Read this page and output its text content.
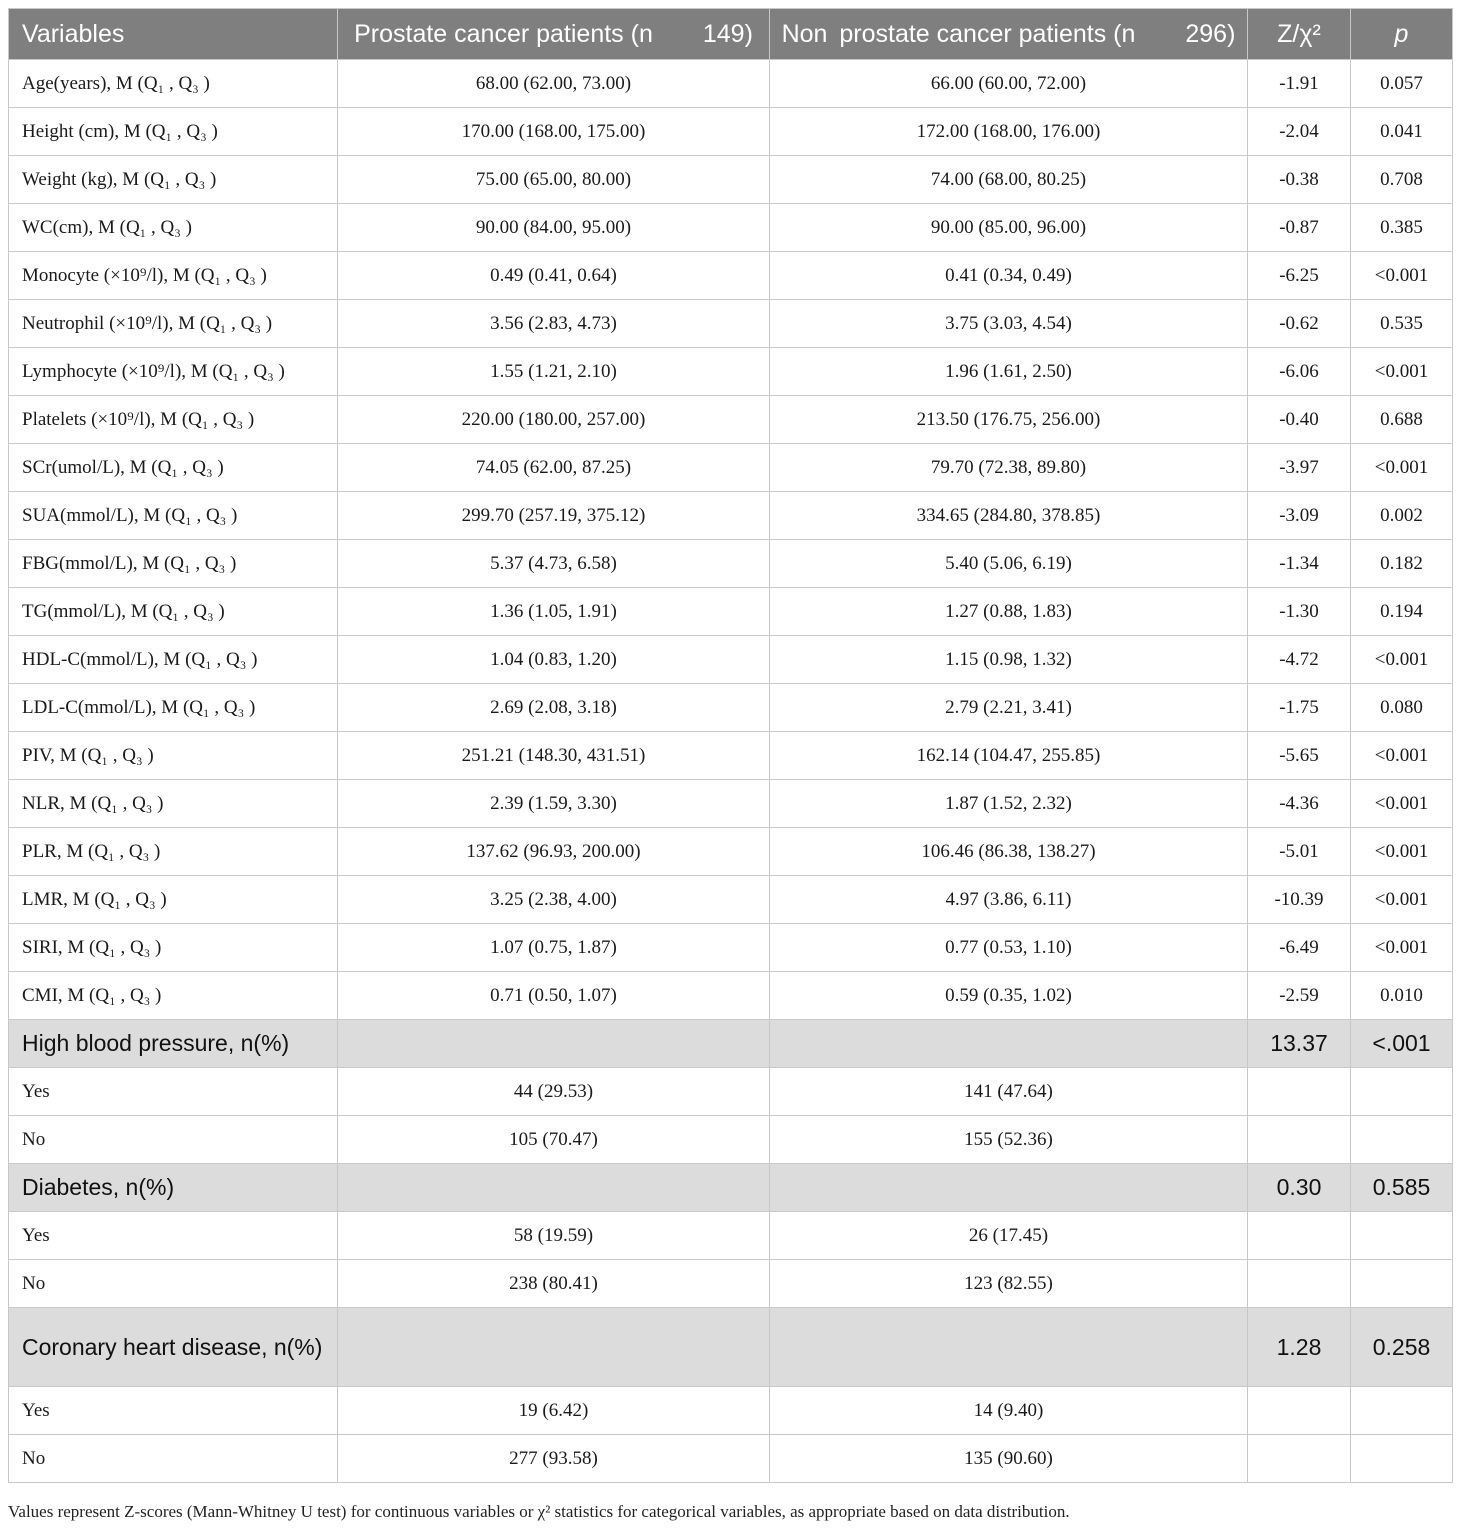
Variables	Prostate cancer patients (n  149)	Non  prostate cancer patients (n  296)	Z/χ²	p
Age(years), M (Q₁ , Q₃ )	68.00 (62.00, 73.00)	66.00 (60.00, 72.00)	-1.91	0.057
Height (cm), M (Q₁ , Q₃ )	170.00 (168.00, 175.00)	172.00 (168.00, 176.00)	-2.04	0.041
Weight (kg), M (Q₁ , Q₃ )	75.00 (65.00, 80.00)	74.00 (68.00, 80.25)	-0.38	0.708
WC(cm), M (Q₁ , Q₃ )	90.00 (84.00, 95.00)	90.00 (85.00, 96.00)	-0.87	0.385
Monocyte (×10⁹/l), M (Q₁ , Q₃ )	0.49 (0.41, 0.64)	0.41 (0.34, 0.49)	-6.25	<0.001
Neutrophil (×10⁹/l), M (Q₁ , Q₃ )	3.56 (2.83, 4.73)	3.75 (3.03, 4.54)	-0.62	0.535
Lymphocyte (×10⁹/l), M (Q₁ , Q₃ )	1.55 (1.21, 2.10)	1.96 (1.61, 2.50)	-6.06	<0.001
Platelets (×10⁹/l), M (Q₁ , Q₃ )	220.00 (180.00, 257.00)	213.50 (176.75, 256.00)	-0.40	0.688
SCr(umol/L), M (Q₁ , Q₃ )	74.05 (62.00, 87.25)	79.70 (72.38, 89.80)	-3.97	<0.001
SUA(mmol/L), M (Q₁ , Q₃ )	299.70 (257.19, 375.12)	334.65 (284.80, 378.85)	-3.09	0.002
FBG(mmol/L), M (Q₁ , Q₃ )	5.37 (4.73, 6.58)	5.40 (5.06, 6.19)	-1.34	0.182
TG(mmol/L), M (Q₁ , Q₃ )	1.36 (1.05, 1.91)	1.27 (0.88, 1.83)	-1.30	0.194
HDL-C(mmol/L), M (Q₁ , Q₃ )	1.04 (0.83, 1.20)	1.15 (0.98, 1.32)	-4.72	<0.001
LDL-C(mmol/L), M (Q₁ , Q₃ )	2.69 (2.08, 3.18)	2.79 (2.21, 3.41)	-1.75	0.080
PIV, M (Q₁ , Q₃ )	251.21 (148.30, 431.51)	162.14 (104.47, 255.85)	-5.65	<0.001
NLR, M (Q₁ , Q₃ )	2.39 (1.59, 3.30)	1.87 (1.52, 2.32)	-4.36	<0.001
PLR, M (Q₁ , Q₃ )	137.62 (96.93, 200.00)	106.46 (86.38, 138.27)	-5.01	<0.001
LMR, M (Q₁ , Q₃ )	3.25 (2.38, 4.00)	4.97 (3.86, 6.11)	-10.39	<0.001
SIRI, M (Q₁ , Q₃ )	1.07 (0.75, 1.87)	0.77 (0.53, 1.10)	-6.49	<0.001
CMI, M (Q₁ , Q₃ )	0.71 (0.50, 1.07)	0.59 (0.35, 1.02)	-2.59	0.010
High blood pressure, n(%)			13.37	<.001
Yes	44 (29.53)	141 (47.64)		
No	105 (70.47)	155 (52.36)		
Diabetes, n(%)			0.30	0.585
Yes	58 (19.59)	26 (17.45)		
No	238 (80.41)	123 (82.55)		
Coronary heart disease, n(%)			1.28	0.258
Yes	19 (6.42)	14 (9.40)		
No	277 (93.58)	135 (90.60)		
Values represent Z-scores (Mann-Whitney U test) for continuous variables or χ² statistics for categorical variables, as appropriate based on data distribution.
